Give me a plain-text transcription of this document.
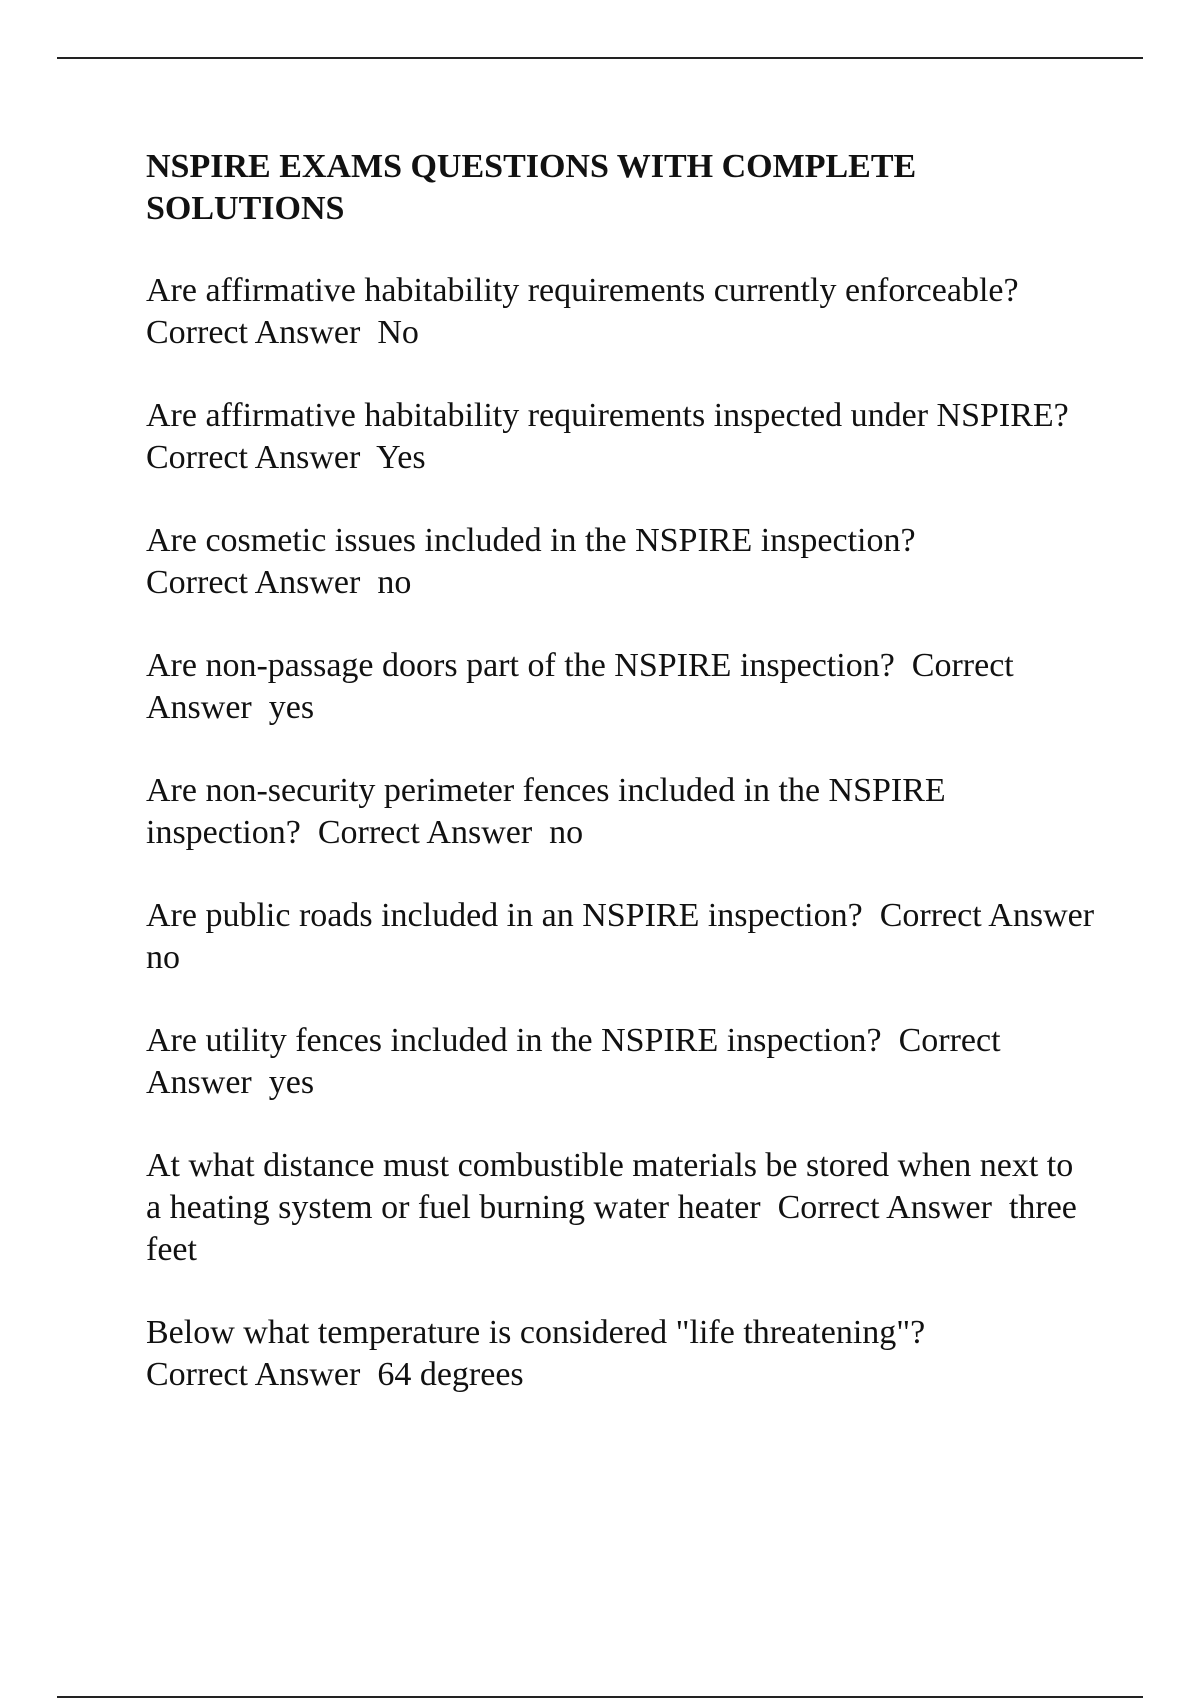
NSPIRE EXAMS QUESTIONS WITH COMPLETE
SOLUTIONS
Are affirmative habitability requirements currently enforceable?
Correct Answer No
Are affirmative habitability requirements inspected under NSPIRE?  Correct Answer Yes
Are cosmetic issues included in the NSPIRE inspection?
Correct Answer no
Are non-passage doors part of the NSPIRE inspection? Correct Answer yes
Are non-security perimeter fences included in the NSPIRE inspection? Correct Answer no
Are public roads included in an NSPIRE inspection? Correct Answer  no
Are utility fences included in the NSPIRE inspection? Correct Answer yes
At what distance must combustible materials be stored when next to a heating system or fuel burning water heater Correct Answer three feet
Below what temperature is considered "life threatening"?
Correct Answer 64 degrees
